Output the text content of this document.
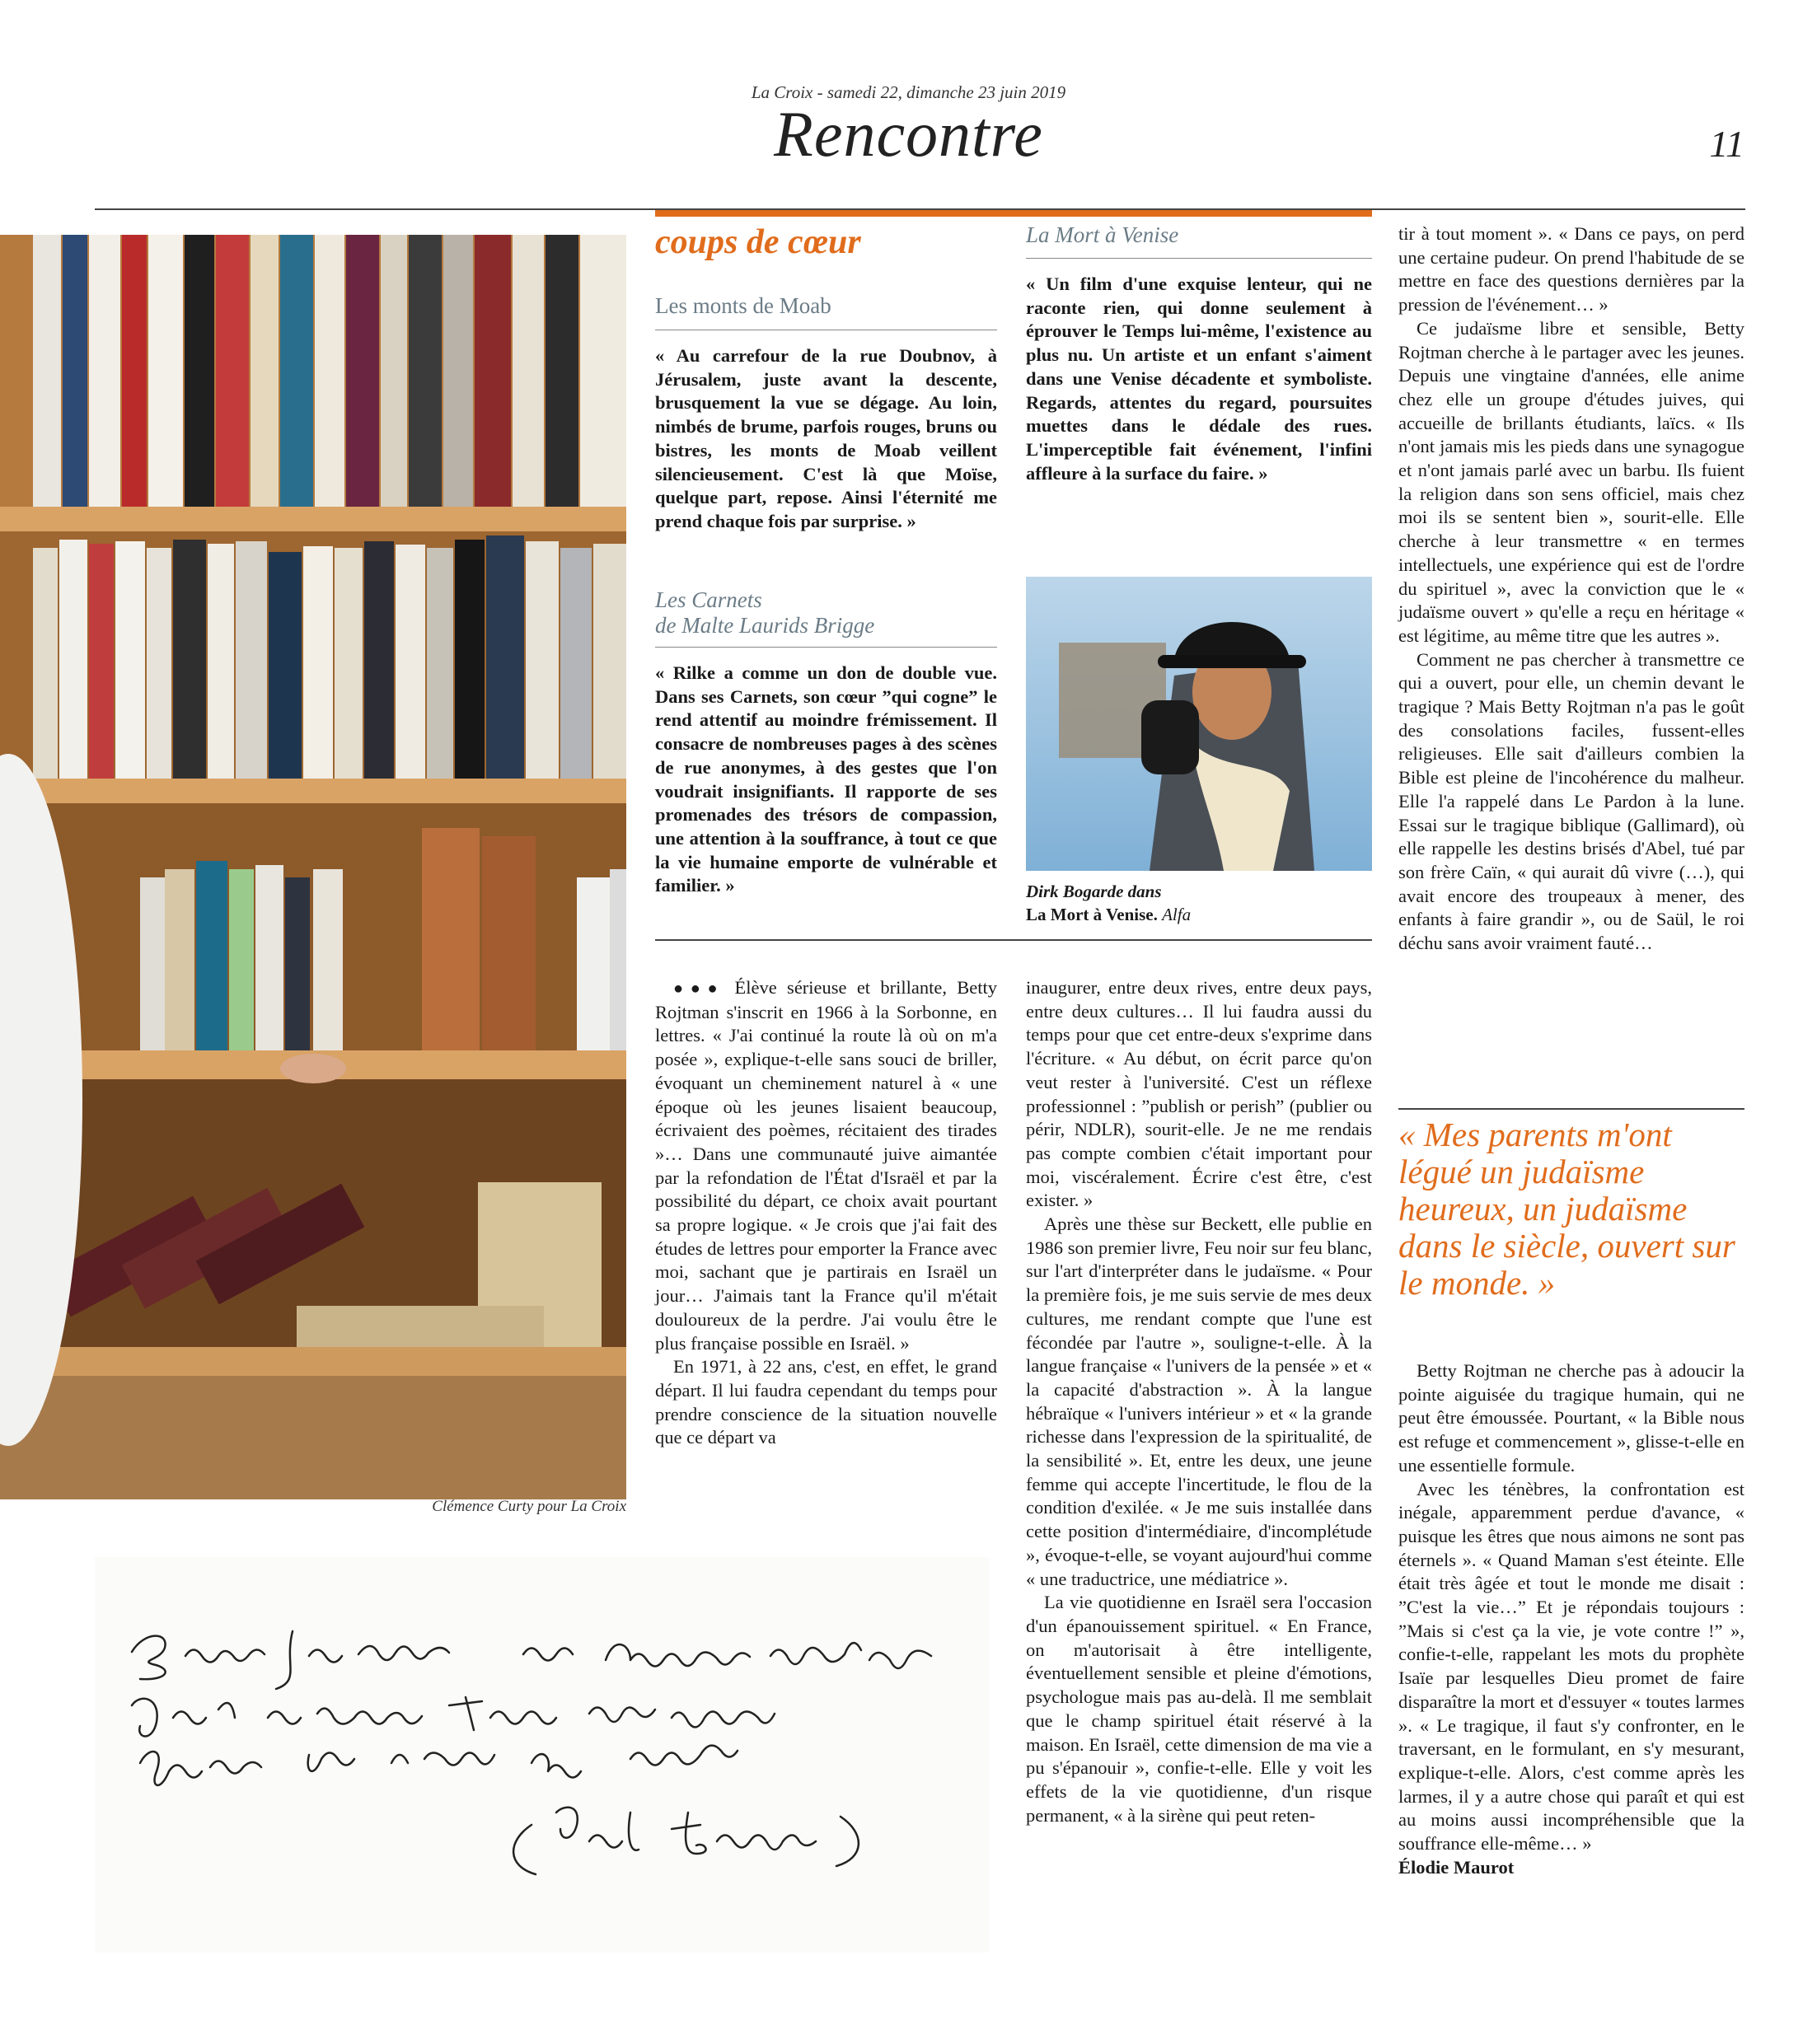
La Croix - samedi 22, dimanche 23 juin 2019
Rencontre	11
Clémence Curty pour La Croix
coups de cœur
Les monts de Moab
« Au carrefour de la rue Doubnov, à Jérusalem, juste avant la descente, brusquement la vue se dégage. Au loin, nimbés de brume, parfois rouges, bruns ou bistres, les monts de Moab veillent silencieusement. C'est là que Moïse, quelque part, repose. Ainsi l'éternité me prend chaque fois par surprise. »
Les Carnets
de Malte Laurids Brigge
« Rilke a comme un don de double vue. Dans ses Carnets, son cœur ”qui cogne” le rend attentif au moindre frémissement. Il consacre de nombreuses pages à des scènes de rue anonymes, à des gestes que l'on voudrait insignifiants. Il rapporte de ses promenades des trésors de compassion, une attention à la souffrance, à tout ce que la vie humaine emporte de vulnérable et familier. »
La Mort à Venise
« Un film d'une exquise lenteur, qui ne raconte rien, qui donne seulement à éprouver le Temps lui-même, l'existence au plus nu. Un artiste et un enfant s'aiment dans une Venise décadente et symboliste. Regards, attentes du regard, poursuites muettes dans le dédale des rues. L'imperceptible fait événement, l'infini affleure à la surface du faire. »
Dirk Bogarde dans
La Mort à Venise. Alfa

●●● Élève sérieuse et brillante, Betty Rojtman s'inscrit en 1966 à la Sorbonne, en lettres. « J'ai continué la route là où on m'a posée », explique-t-elle sans souci de briller, évoquant un cheminement naturel à « une époque où les jeunes lisaient beaucoup, écrivaient des poèmes, récitaient des tirades »… Dans une communauté juive aimantée par la refondation de l'État d'Israël et par la possibilité du départ, ce choix avait pourtant sa propre logique. « Je crois que j'ai fait des études de lettres pour emporter la France avec moi, sachant que je partirais en Israël un jour… J'aimais tant la France qu'il m'était douloureux de la perdre. J'ai voulu être le plus française possible en Israël. »

En 1971, à 22 ans, c'est, en effet, le grand départ. Il lui faudra cependant du temps pour prendre conscience de la situation nouvelle que ce départ va

inaugurer, entre deux rives, entre deux pays, entre deux cultures… Il lui faudra aussi du temps pour que cet entre-deux s'exprime dans l'écriture. « Au début, on écrit parce qu'on veut rester à l'université. C'est un réflexe professionnel : ”publish or perish” (publier ou périr, NDLR), sourit-elle. Je ne me rendais pas compte combien c'était important pour moi, viscéralement. Écrire c'est être, c'est exister. »

Après une thèse sur Beckett, elle publie en 1986 son premier livre, Feu noir sur feu blanc, sur l'art d'interpréter dans le judaïsme. « Pour la première fois, je me suis servie de mes deux cultures, me rendant compte que l'une est fécondée par l'autre », souligne-t-elle. À la langue française « l'univers de la pensée » et « la capacité d'abstraction ». À la langue hébraïque « l'univers intérieur » et « la grande richesse dans l'expression de la spiritualité, de la sensibilité ». Et, entre les deux, une jeune femme qui accepte l'incertitude, le flou de la condition d'exilée. « Je me suis installée dans cette position d'intermédiaire, d'incomplétude », évoque-t-elle, se voyant aujourd'hui comme « une traductrice, une médiatrice ».

La vie quotidienne en Israël sera l'occasion d'un épanouissement spirituel. « En France, on m'autorisait à être intelligente, éventuellement sensible et pleine d'émotions, psychologue mais pas au-delà. Il me semblait que le champ spirituel était réservé à la maison. En Israël, cette dimension de ma vie a pu s'épanouir », confie-t-elle. Elle y voit les effets de la vie quotidienne, d'un risque permanent, « à la sirène qui peut reten-

tir à tout moment ». « Dans ce pays, on perd une certaine pudeur. On prend l'habitude de se mettre en face des questions dernières par la pression de l'événement… »

Ce judaïsme libre et sensible, Betty Rojtman cherche à le partager avec les jeunes. Depuis une vingtaine d'années, elle anime chez elle un groupe d'études juives, qui accueille de brillants étudiants, laïcs. « Ils n'ont jamais mis les pieds dans une synagogue et n'ont jamais parlé avec un barbu. Ils fuient la religion dans son sens officiel, mais chez moi ils se sentent bien », sourit-elle. Elle cherche à leur transmettre « en termes intellectuels, une expérience qui est de l'ordre du spirituel », avec la conviction que le « judaïsme ouvert » qu'elle a reçu en héritage « est légitime, au même titre que les autres ».

Comment ne pas chercher à transmettre ce qui a ouvert, pour elle, un chemin devant le tragique ? Mais Betty Rojtman n'a pas le goût des consolations faciles, fussent-elles religieuses. Elle sait d'ailleurs combien la Bible est pleine de l'incohérence du malheur. Elle l'a rappelé dans Le Pardon à la lune. Essai sur le tragique biblique (Gallimard), où elle rappelle les destins brisés d'Abel, tué par son frère Caïn, « qui aurait dû vivre (…), qui avait encore des troupeaux à mener, des enfants à faire grandir », ou de Saül, le roi déchu sans avoir vraiment fauté…

« Mes parents m'ont légué un judaïsme heureux, un judaïsme dans le siècle, ouvert sur le monde. »

Betty Rojtman ne cherche pas à adoucir la pointe aiguisée du tragique humain, qui ne peut être émoussée. Pourtant, « la Bible nous est refuge et commencement », glisse-t-elle en une essentielle formule.

Avec les ténèbres, la confrontation est inégale, apparemment perdue d'avance, « puisque les êtres que nous aimons ne sont pas éternels ». « Quand Maman s'est éteinte. Elle était très âgée et tout le monde me disait : ”C'est la vie…” Et je répondais toujours : ”Mais si c'est ça la vie, je vote contre !” », confie-t-elle, rappelant les mots du prophète Isaïe par lesquelles Dieu promet de faire disparaître la mort et d'essuyer « toutes larmes ». « Le tragique, il faut s'y confronter, en le traversant, en le formulant, en s'y mesurant, explique-t-elle. Alors, c'est comme après les larmes, il y a autre chose qui paraît et qui est au moins aussi incompréhensible que la souffrance elle-même… »

Élodie Maurot
